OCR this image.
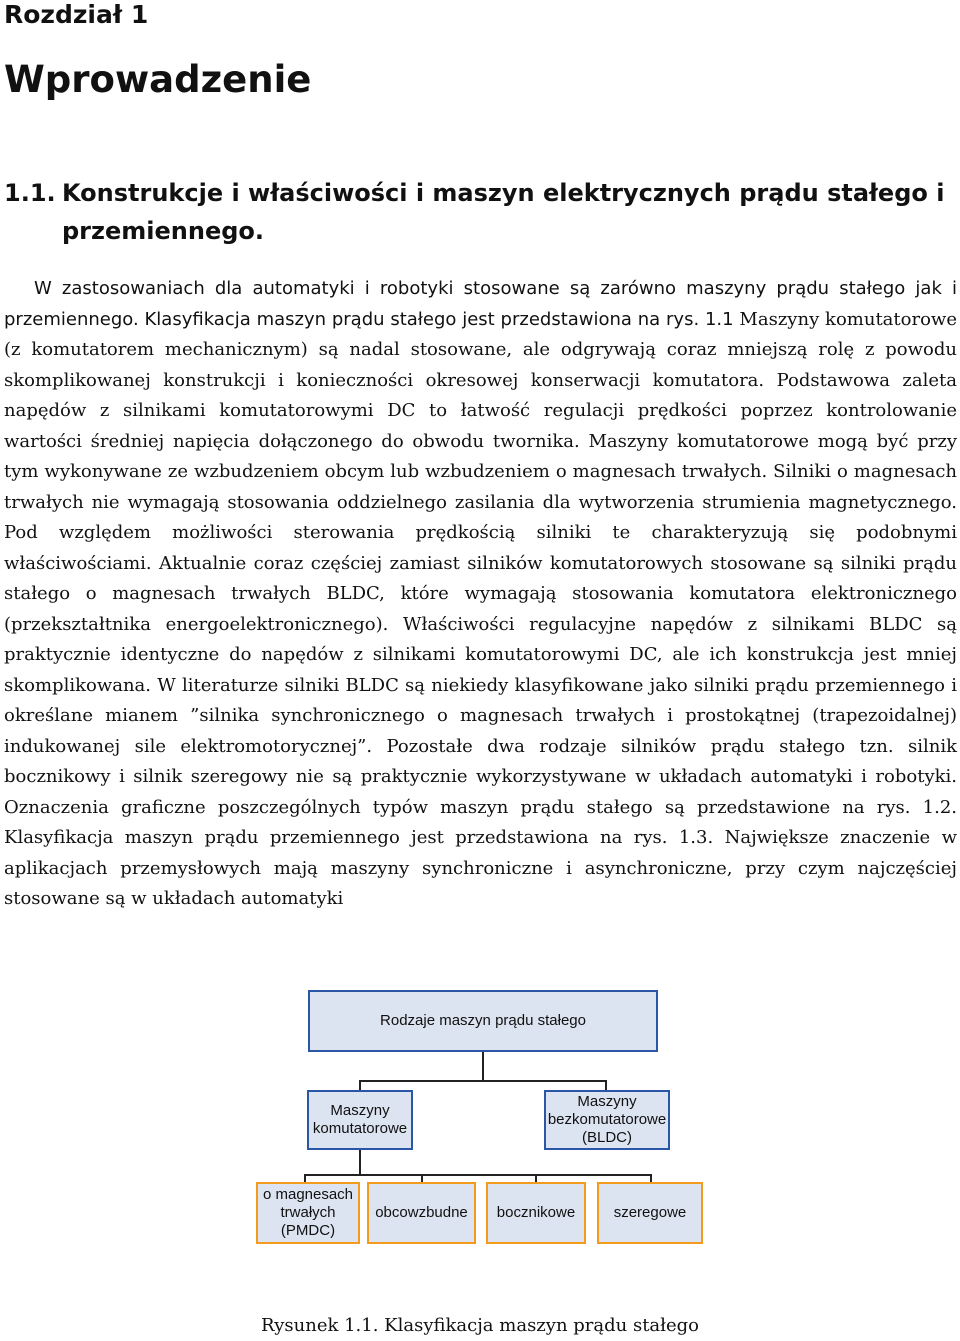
Rozdział 1
Wprowadzenie
1.1. Konstrukcje i właściwości i maszyn elektrycznych prądu stałego i przemiennego.
W zastosowaniach dla automatyki i robotyki stosowane są zarówno maszyny prądu stałego jak i przemiennego. Klasyfikacja maszyn prądu stałego jest przedstawiona na rys. 1.1 Maszyny komutatorowe (z komutatorem mechanicznym) są nadal stosowane, ale odgrywają coraz mniejszą rolę z powodu skomplikowanej konstrukcji i konieczności okresowej konserwacji komutatora. Podstawowa zaleta napędów z silnikami komutatorowymi DC to łatwość regulacji prędkości poprzez kontrolowanie wartości średniej napięcia dołączonego do obwodu twornika. Maszyny komutatorowe mogą być przy tym wykonywane ze wzbudzeniem obcym lub wzbudzeniem o magnesach trwałych. Silniki o magnesach trwałych nie wymagają stosowania oddzielnego zasilania dla wytworzenia strumienia magnetycznego. Pod względem możliwości sterowania prędkością silniki te charakteryzują się podobnymi właściwościami. Aktualnie coraz częściej zamiast silników komutatorowych stosowane są silniki prądu stałego o magnesach trwałych BLDC, które wymagają stosowania komutatora elektronicznego (przekształtnika energoelektronicznego). Właściwości regulacyjne napędów z silnikami BLDC są praktycznie identyczne do napędów z silnikami komutatorowymi DC, ale ich konstrukcja jest mniej skomplikowana. W literaturze silniki BLDC są niekiedy klasyfikowane jako silniki prądu przemiennego i określane mianem ”silnika synchronicznego o magnesach trwałych i prostokątnej (trapezoidalnej) indukowanej sile elektromotorycznej”. Pozostałe dwa rodzaje silników prądu stałego tzn. silnik bocznikowy i silnik szeregowy nie są praktycznie wykorzystywane w układach automatyki i robotyki. Oznaczenia graficzne poszczególnych typów maszyn prądu stałego są przedstawione na rys. 1.2. Klasyfikacja maszyn prądu przemiennego jest przedstawiona na rys. 1.3. Największe znaczenie w aplikacjach przemysłowych mają maszyny synchroniczne i asynchroniczne, przy czym najczęściej stosowane są w układach automatyki
Rodzaje maszyn prądu stałego
Maszyny komutatorowe
Maszyny bezkomutatorowe (BLDC)
o magnesach trwałych (PMDC)
obcowzbudne	bocznikowe	szeregowe
Rysunek 1.1. Klasyfikacja maszyn prądu stałego
